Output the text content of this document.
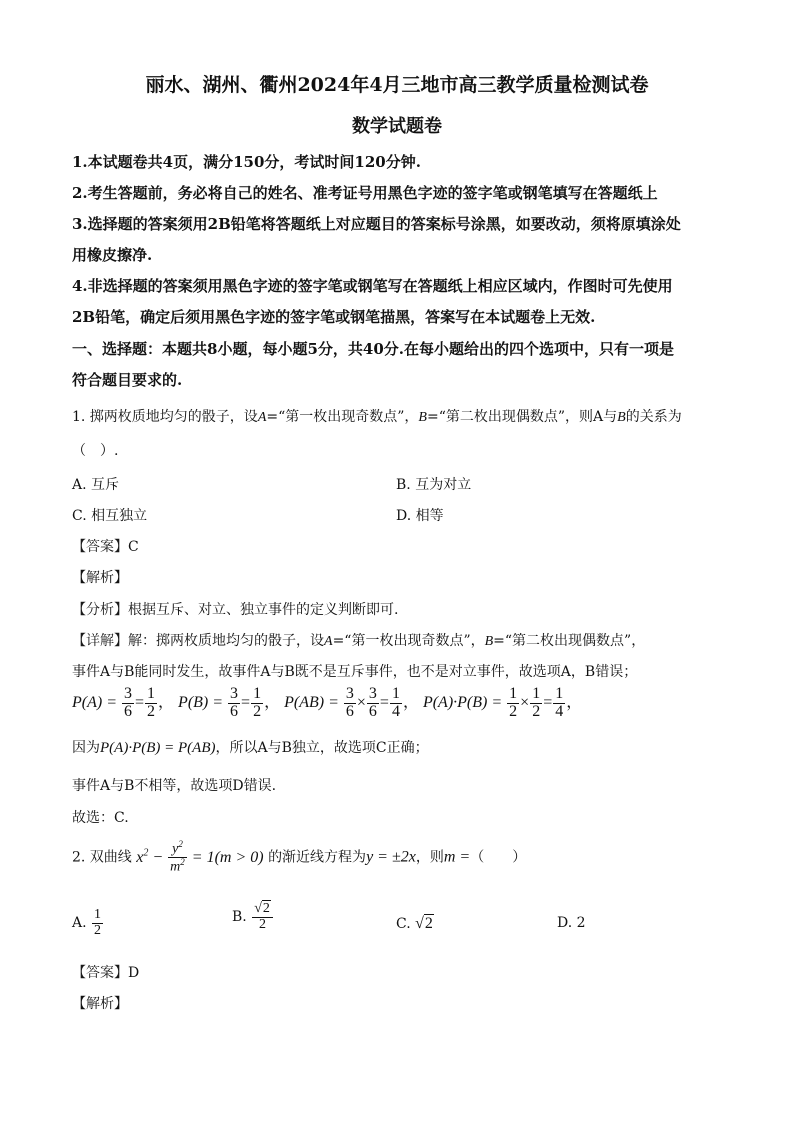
丽水、湖州、衢州2024年4月三地市高三教学质量检测试卷
数学试题卷
1.本试题卷共4页，满分150分，考试时间120分钟.
2.考生答题前，务必将自己的姓名、准考证号用黑色字迹的签字笔或钢笔填写在答题纸上
3.选择题的答案须用2B铅笔将答题纸上对应题目的答案标号涂黑，如要改动，须将原填涂处
用橡皮擦净.
4.非选择题的答案须用黑色字迹的签字笔或钢笔写在答题纸上相应区域内，作图时可先使用
2B铅笔，确定后须用黑色字迹的签字笔或钢笔描黑，答案写在本试题卷上无效.
一、选择题：本题共8小题，每小题5分，共40分.在每小题给出的四个选项中，只有一项是
符合题目要求的.
1. 掷两枚质地均匀的骰子，设A=“第一枚出现奇数点”，B=“第二枚出现偶数点”，则A与B的关系为
（　）.
A. 互斥	B. 互为对立
C. 相互独立	D. 相等
【答案】C
【解析】
【分析】根据互斥、对立、独立事件的定义判断即可.
【详解】解：掷两枚质地均匀的骰子，设A=“第一枚出现奇数点”，B=“第二枚出现偶数点”，
事件A与B能同时发生，故事件A与B既不是互斥事件，也不是对立事件，故选项A，B错误；
$P(A) = \frac{3}{6} = \frac{1}{2}$ ， $P(B) = \frac{3}{6} = \frac{1}{2}$ ， $P(AB) = \frac{3}{6} \times \frac{3}{6} = \frac{1}{4}$ ， $P(A)\cdot P(B) = \frac{1}{2} \times \frac{1}{2} = \frac{1}{4}$ ，
因为P(A)·P(B) = P(AB)，所以A与B独立，故选项C正确；
事件A与B不相等，故选项D错误.
故选：C.
2. 双曲线 $x^2 - \frac{y^2}{m^2} = 1(m > 0)$ 的渐近线方程为y = ±2x，则m =（　　）
A. $\frac{1}{2}$	B. $\frac{√2}{2}$	C. √2	D. 2
【答案】D
【解析】
